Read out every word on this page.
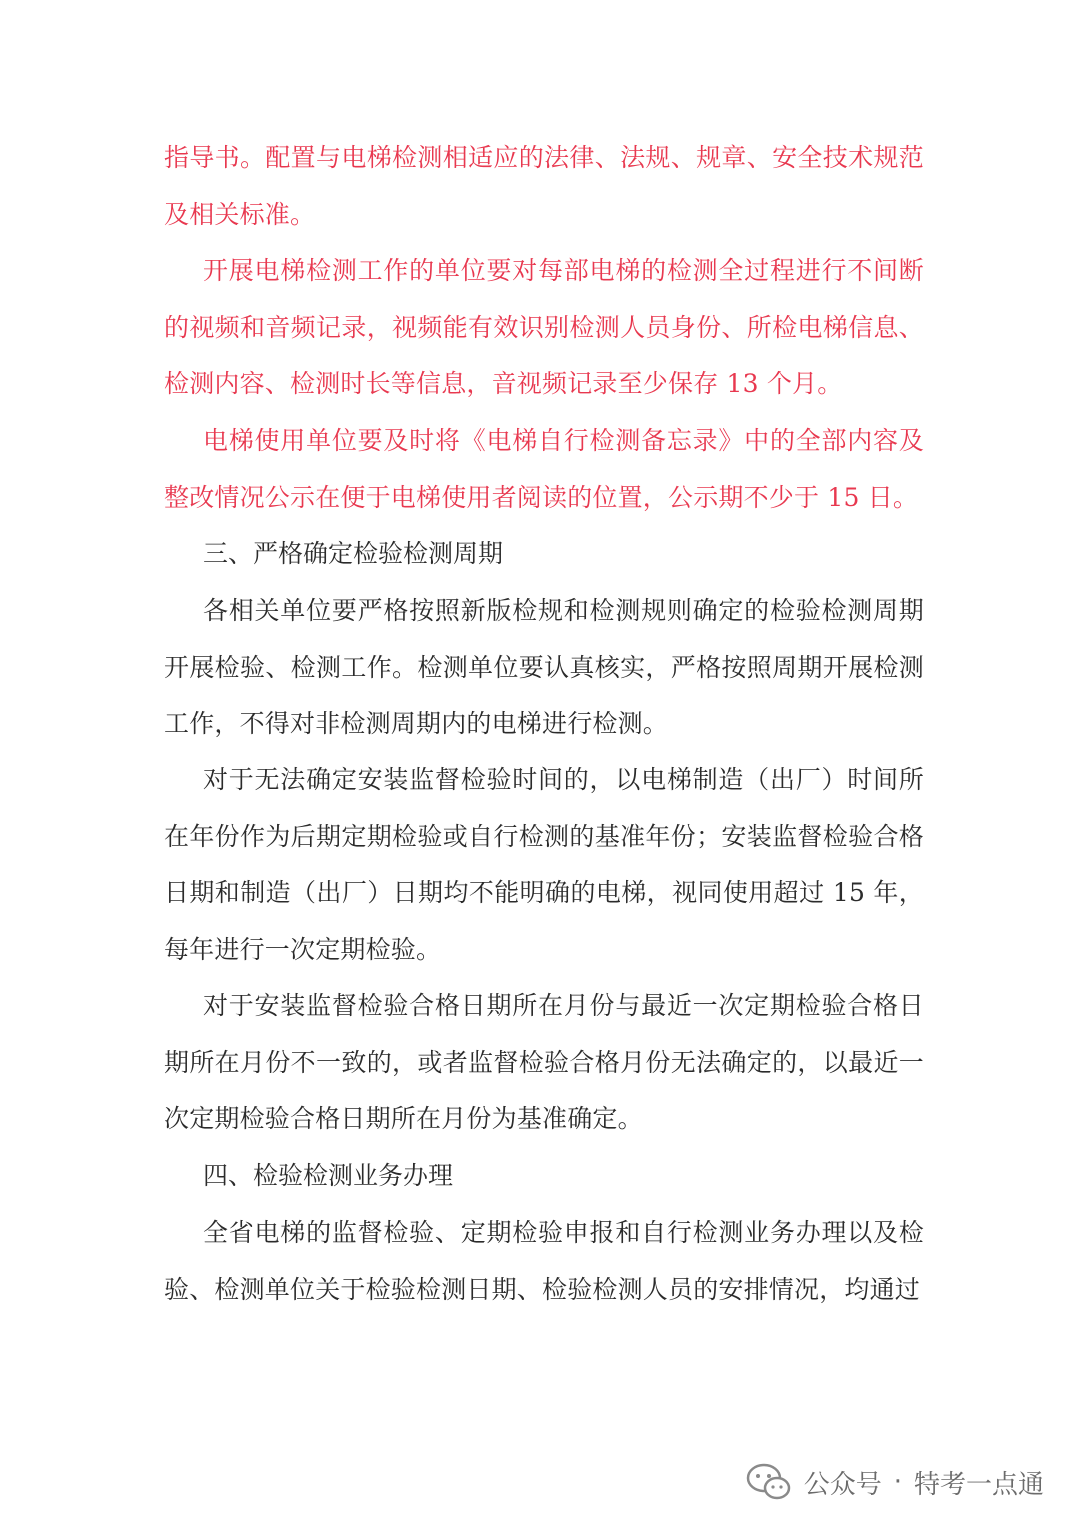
指导书。配置与电梯检测相适应的法律、法规、规章、安全技术规范及相关标准。

开展电梯检测工作的单位要对每部电梯的检测全过程进行不间断的视频和音频记录，视频能有效识别检测人员身份、所检电梯信息、检测内容、检测时长等信息，音视频记录至少保存 13 个月。

电梯使用单位要及时将《电梯自行检测备忘录》中的全部内容及整改情况公示在便于电梯使用者阅读的位置，公示期不少于 15 日。

三、严格确定检验检测周期

各相关单位要严格按照新版检规和检测规则确定的检验检测周期开展检验、检测工作。检测单位要认真核实，严格按照周期开展检测工作，不得对非检测周期内的电梯进行检测。

对于无法确定安装监督检验时间的，以电梯制造（出厂）时间所在年份作为后期定期检验或自行检测的基准年份；安装监督检验合格日期和制造（出厂）日期均不能明确的电梯，视同使用超过 15 年，每年进行一次定期检验。

对于安装监督检验合格日期所在月份与最近一次定期检验合格日期所在月份不一致的，或者监督检验合格月份无法确定的，以最近一次定期检验合格日期所在月份为基准确定。

四、检验检测业务办理

全省电梯的监督检验、定期检验申报和自行检测业务办理以及检验、检测单位关于检验检测日期、检验检测人员的安排情况，均通过

公众号 · 特考一点通
